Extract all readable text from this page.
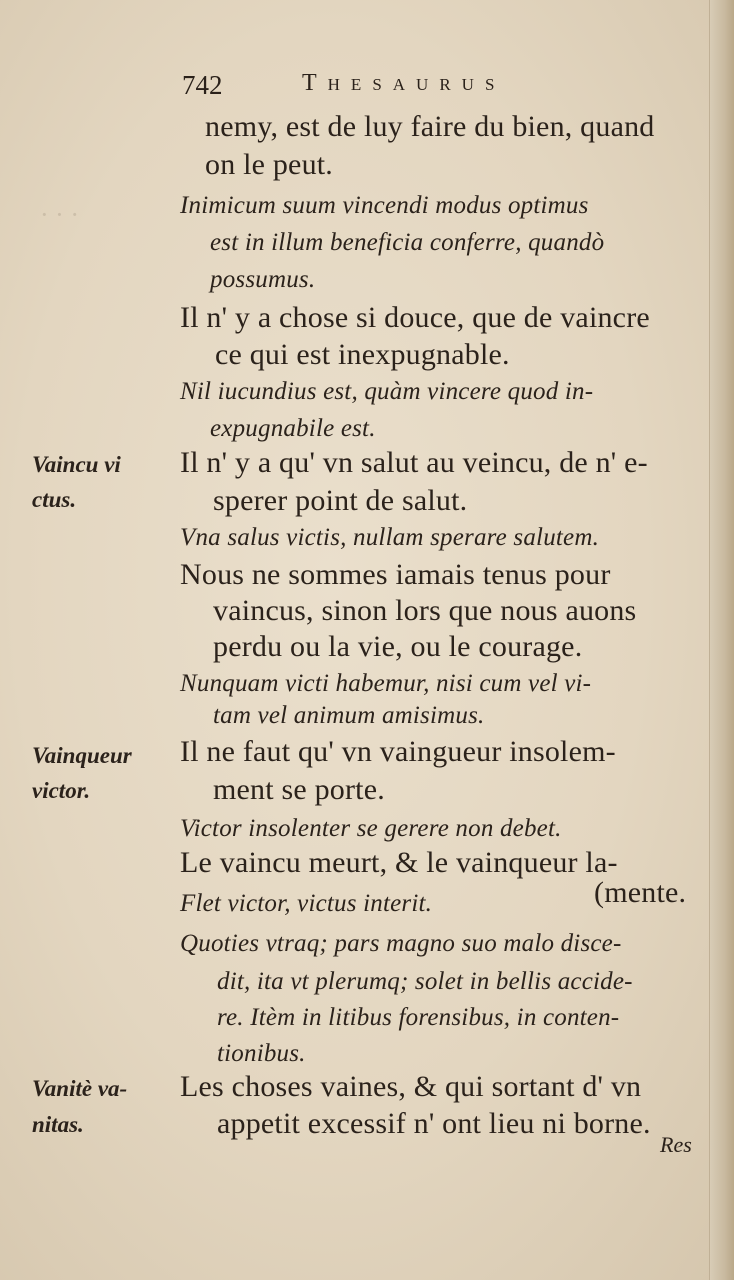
· · ·
742	Thesaurus
Vaincu vi
ctus.
Vainqueur
victor.
Vanitè va-
nitas.
nemy, est de luy faire du bien, quand
on le peut.
Inimicum suum vincendi modus optimus
est in illum beneficia conferre, quandò
possumus.
Il n' y a chose si douce, que de vaincre
ce qui est inexpugnable.
Nil iucundius est, quàm vincere quod in-
expugnabile est.
Il n' y a qu' vn salut au veincu, de n' e-
sperer point de salut.
Vna salus victis, nullam sperare salutem.
Nous ne sommes iamais tenus pour
vaincus, sinon lors que nous auons
perdu ou la vie, ou le courage.
Nunquam victi habemur, nisi cum vel vi-
tam vel animum amisimus.
Il ne faut qu' vn vaingueur insolem-
ment se porte.
Victor insolenter se gerere non debet.
Le vaincu meurt, & le vainqueur la-
Flet victor, victus interit.	(mente.
Quoties vtraq; pars magno suo malo disce-
dit, ita vt plerumq; solet in bellis accide-
re. Itèm in litibus forensibus, in conten-
tionibus.
Les choses vaines, & qui sortant d' vn
appetit excessif n' ont lieu ni borne.
Res
